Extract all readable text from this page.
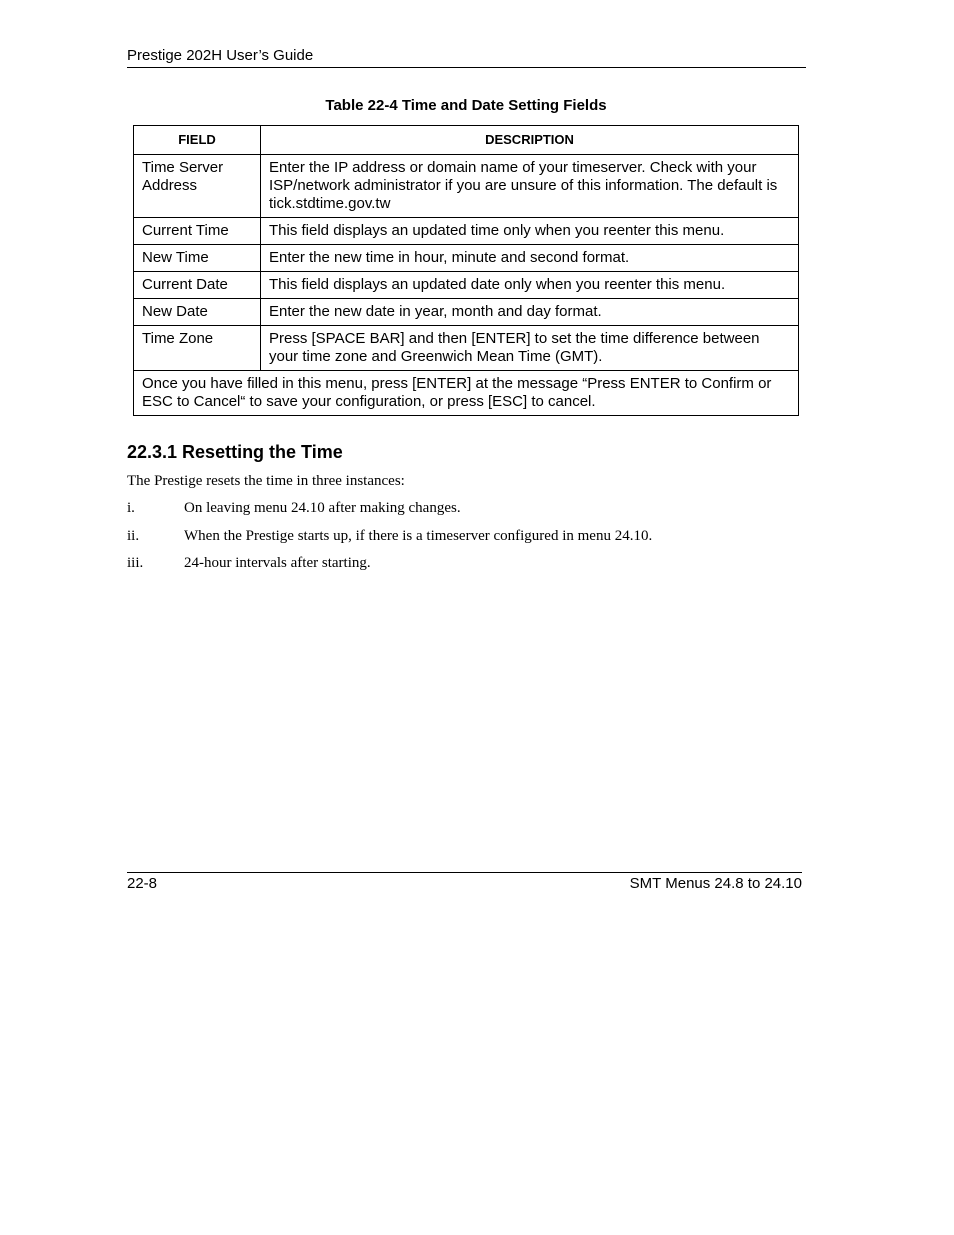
Prestige 202H User’s Guide
Table 22-4 Time and Date Setting Fields
FIELD	DESCRIPTION
Time Server Address	Enter the IP address or domain name of your timeserver. Check with your ISP/network administrator if you are unsure of this information. The default is tick.stdtime.gov.tw
Current Time	This field displays an updated time only when you reenter this menu.
New Time	Enter the new time in hour, minute and second format.
Current Date	This field displays an updated date only when you reenter this menu.
New Date	Enter the new date in year, month and day format.
Time Zone	Press [SPACE BAR] and then [ENTER] to set the time difference between your time zone and Greenwich Mean Time (GMT).
Once you have filled in this menu, press [ENTER] at the message “Press ENTER to Confirm or ESC to Cancel“ to save your configuration, or press [ESC] to cancel.	
22.3.1 Resetting the Time

The Prestige resets the time in three instances:

i.	On leaving menu 24.10 after making changes.
ii.	When the Prestige starts up, if there is a timeserver configured in menu 24.10.
iii.	24-hour intervals after starting.
22-8	SMT Menus 24.8 to 24.10
